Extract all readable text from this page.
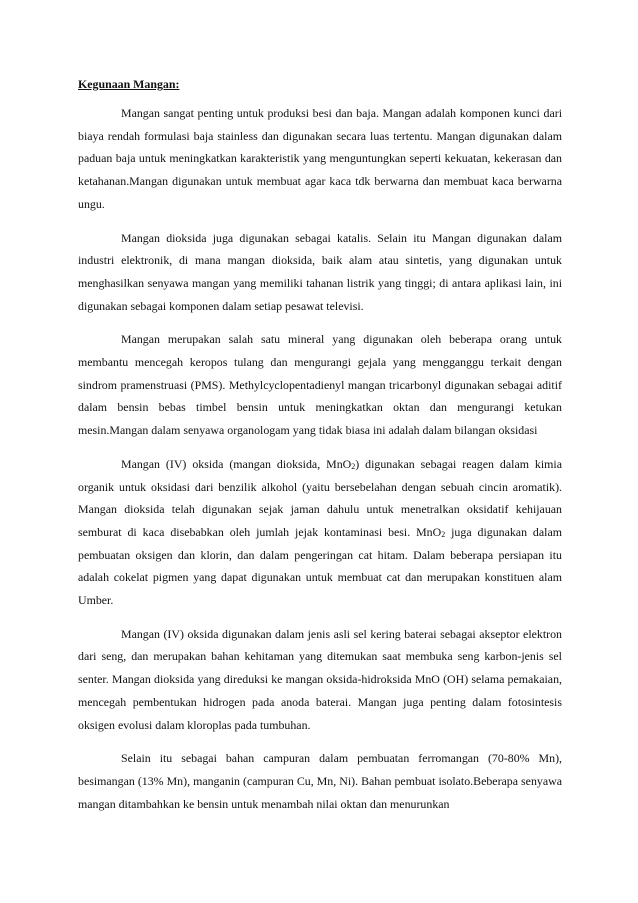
Kegunaan Mangan:

Mangan sangat penting untuk produksi besi dan baja. Mangan adalah komponen kunci dari biaya rendah formulasi baja stainless dan digunakan secara luas tertentu. Mangan digunakan dalam paduan baja untuk meningkatkan karakteristik yang menguntungkan seperti kekuatan, kekerasan dan ketahanan.Mangan digunakan untuk membuat agar kaca tdk berwarna dan membuat kaca berwarna ungu.

Mangan dioksida juga digunakan sebagai katalis. Selain itu Mangan digunakan dalam industri elektronik, di mana mangan dioksida, baik alam atau sintetis, yang digunakan untuk menghasilkan senyawa mangan yang memiliki tahanan listrik yang tinggi; di antara aplikasi lain, ini digunakan sebagai komponen dalam setiap pesawat televisi.

Mangan merupakan salah satu mineral yang digunakan oleh beberapa orang untuk membantu mencegah keropos tulang dan mengurangi gejala yang mengganggu terkait dengan sindrom pramenstruasi (PMS). Methylcyclopentadienyl mangan tricarbonyl digunakan sebagai aditif dalam bensin bebas timbel bensin untuk meningkatkan oktan dan mengurangi ketukan mesin.Mangan dalam senyawa organologam yang tidak biasa ini adalah dalam bilangan oksidasi

Mangan (IV) oksida (mangan dioksida, MnO$_2$) digunakan sebagai reagen dalam kimia organik untuk oksidasi dari benzilik alkohol (yaitu bersebelahan dengan sebuah cincin aromatik). Mangan dioksida telah digunakan sejak jaman dahulu untuk menetralkan oksidatif kehijauan semburat di kaca disebabkan oleh jumlah jejak kontaminasi besi. MnO$_2$ juga digunakan dalam pembuatan oksigen dan klorin, dan dalam pengeringan cat hitam. Dalam beberapa persiapan itu adalah cokelat pigmen yang dapat digunakan untuk membuat cat dan merupakan konstituen alam Umber.

Mangan (IV) oksida digunakan dalam jenis asli sel kering baterai sebagai akseptor elektron dari seng, dan merupakan bahan kehitaman yang ditemukan saat membuka seng karbon-jenis sel senter. Mangan dioksida yang direduksi ke mangan oksida-hidroksida MnO (OH) selama pemakaian, mencegah pembentukan hidrogen pada anoda baterai. Mangan juga penting dalam fotosintesis oksigen evolusi dalam kloroplas pada tumbuhan.

Selain itu sebagai bahan campuran dalam pembuatan ferromangan (70-80% Mn), besimangan (13% Mn), manganin (campuran Cu, Mn, Ni). Bahan pembuat isolato.Beberapa senyawa mangan ditambahkan ke bensin untuk menambah nilai oktan dan menurunkan
